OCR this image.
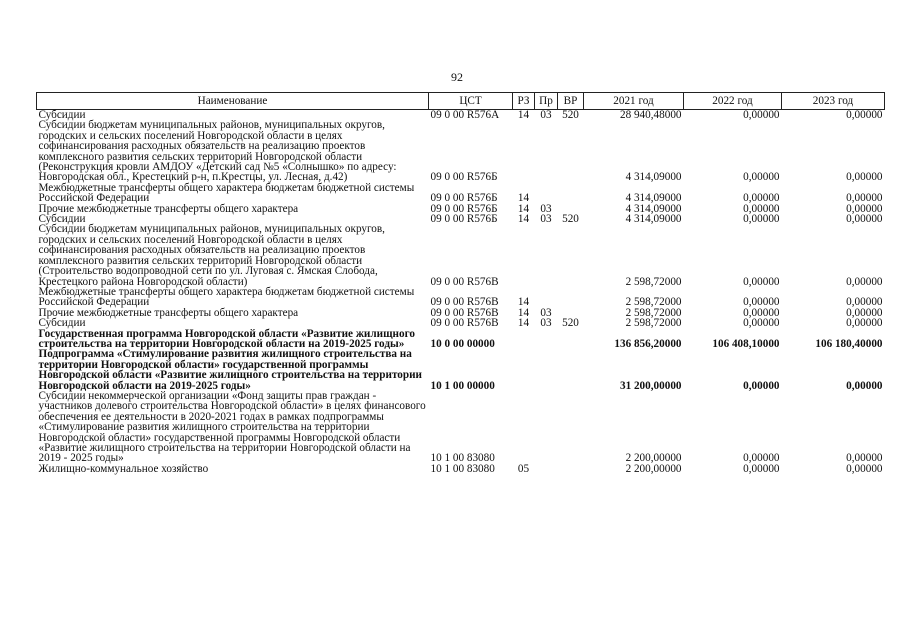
92
Наименование	ЦСТ	РЗ	Пр	ВР	2021 год	2022 год	2023 год
Субсидии	09 0 00 R576А	14	03	520	28 940,48000	0,00000	0,00000
Субсидии бюджетам муниципальных районов, муниципальных округов, городских и сельских поселений Новгородской области в целях софинансирования расходных обязательств на реализацию проектов комплексного развития сельских территорий Новгородской области (Реконструкция кровли АМДОУ «Детский сад №5 «Солнышко» по адресу: Новгородская обл., Крестецкий р-н, п.Крестцы, ул. Лесная, д.42)	09 0 00 R576Б				4 314,09000	0,00000	0,00000
Межбюджетные трансферты общего характера бюджетам бюджетной системы Российской Федерации	09 0 00 R576Б	14			4 314,09000	0,00000	0,00000
Прочие межбюджетные трансферты общего характера	09 0 00 R576Б	14	03		4 314,09000	0,00000	0,00000
Субсидии	09 0 00 R576Б	14	03	520	4 314,09000	0,00000	0,00000
Субсидии бюджетам муниципальных районов, муниципальных округов, городских и сельских поселений Новгородской области в целях софинансирования расходных обязательств на реализацию проектов комплексного развития сельских территорий Новгородской области (Строительство водопроводной сети по ул. Луговая с. Ямская Слобода, Крестецкого района Новгородской области)	09 0 00 R576В				2 598,72000	0,00000	0,00000
Межбюджетные трансферты общего характера бюджетам бюджетной системы Российской Федерации	09 0 00 R576В	14			2 598,72000	0,00000	0,00000
Прочие межбюджетные трансферты общего характера	09 0 00 R576В	14	03		2 598,72000	0,00000	0,00000
Субсидии	09 0 00 R576В	14	03	520	2 598,72000	0,00000	0,00000
Государственная программа Новгородской области «Развитие жилищного строительства на территории Новгородской области на 2019-2025 годы»	10 0 00 00000				136 856,20000	106 408,10000	106 180,40000
Подпрограмма «Стимулирование развития жилищного строительства на территории Новгородской области» государственной программы Новгородской области «Развитие жилищного строительства на территории Новгородской области на 2019-2025 годы»	10 1 00 00000				31 200,00000	0,00000	0,00000
Субсидии некоммерческой организации «Фонд защиты прав граждан - участников долевого строительства Новгородской области» в целях финансового обеспечения ее деятельности в 2020-2021 годах в рамках подпрограммы «Стимулирование развития жилищного строительства на территории Новгородской области» государственной программы Новгородской области «Развитие жилищного строительства на территории Новгородской области на 2019 - 2025 годы»	10 1 00 83080				2 200,00000	0,00000	0,00000
Жилищно-коммунальное хозяйство	10 1 00 83080	05			2 200,00000	0,00000	0,00000
